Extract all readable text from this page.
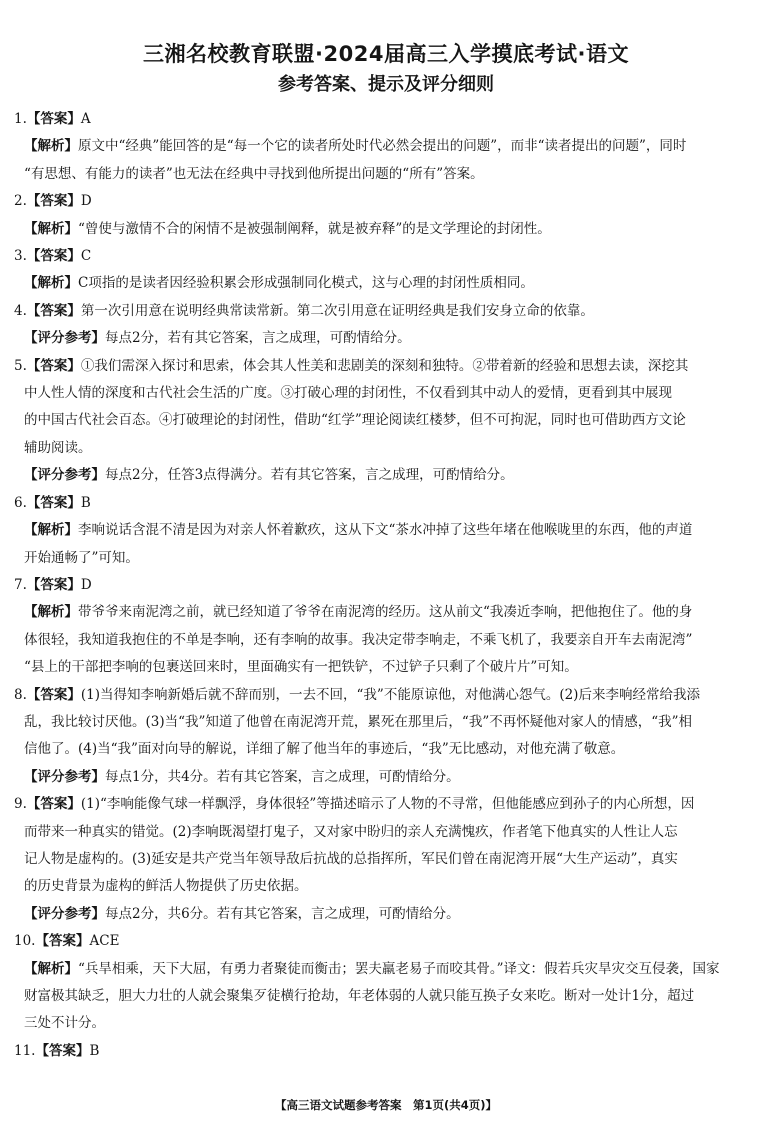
三湘名校教育联盟·2024届高三入学摸底考试·语文
参考答案、提示及评分细则
1.【答案】A
【解析】原文中“经典”能回答的是“每一个它的读者所处时代必然会提出的问题”，而非“读者提出的问题”，同时
“有思想、有能力的读者”也无法在经典中寻找到他所提出问题的“所有”答案。
2.【答案】D
【解析】“曾使与激情不合的闲情不是被强制阐释，就是被弃释”的是文学理论的封闭性。
3.【答案】C
【解析】C项指的是读者因经验积累会形成强制同化模式，这与心理的封闭性质相同。
4.【答案】第一次引用意在说明经典常读常新。第二次引用意在证明经典是我们安身立命的依靠。
【评分参考】每点2分，若有其它答案，言之成理，可酌情给分。
5.【答案】①我们需深入探讨和思索，体会其人性美和悲剧美的深刻和独特。②带着新的经验和思想去读，深挖其
中人性人情的深度和古代社会生活的广度。③打破心理的封闭性，不仅看到其中动人的爱情，更看到其中展现
的中国古代社会百态。④打破理论的封闭性，借助“红学”理论阅读红楼梦，但不可拘泥，同时也可借助西方文论
辅助阅读。
【评分参考】每点2分，任答3点得满分。若有其它答案，言之成理，可酌情给分。
6.【答案】B
【解析】李响说话含混不清是因为对亲人怀着歉疚，这从下文“茶水冲掉了这些年堵在他喉咙里的东西，他的声道
开始通畅了”可知。
7.【答案】D
【解析】带爷爷来南泥湾之前，就已经知道了爷爷在南泥湾的经历。这从前文“我凑近李响，把他抱住了。他的身
体很轻，我知道我抱住的不单是李响，还有李响的故事。我决定带李响走，不乘飞机了，我要亲自开车去南泥湾”
“县上的干部把李响的包裹送回来时，里面确实有一把铁铲，不过铲子只剩了个破片片”可知。
8.【答案】(1)当得知李响新婚后就不辞而别，一去不回，“我”不能原谅他，对他满心怨气。(2)后来李响经常给我添
乱，我比较讨厌他。(3)当“我”知道了他曾在南泥湾开荒，累死在那里后，“我”不再怀疑他对家人的情感，“我”相
信他了。(4)当“我”面对向导的解说，详细了解了他当年的事迹后，“我”无比感动，对他充满了敬意。
【评分参考】每点1分，共4分。若有其它答案，言之成理，可酌情给分。
9.【答案】(1)“李响能像气球一样飘浮，身体很轻”等描述暗示了人物的不寻常，但他能感应到孙子的内心所想，因
而带来一种真实的错觉。(2)李响既渴望打鬼子，又对家中盼归的亲人充满愧疚，作者笔下他真实的人性让人忘
记人物是虚构的。(3)延安是共产党当年领导敌后抗战的总指挥所，军民们曾在南泥湾开展“大生产运动”，真实
的历史背景为虚构的鲜活人物提供了历史依据。
【评分参考】每点2分，共6分。若有其它答案，言之成理，可酌情给分。
10.【答案】ACE
【解析】“兵旱相乘，天下大屈，有勇力者聚徒而衡击；罢夫羸老易子而咬其骨。”译文：假若兵灾旱灾交互侵袭，国家
财富极其缺乏，胆大力壮的人就会聚集歹徒横行抢劫，年老体弱的人就只能互换子女来吃。断对一处计1分，超过
三处不计分。
11.【答案】B
【高三语文试题参考答案　第1页(共4页)】
